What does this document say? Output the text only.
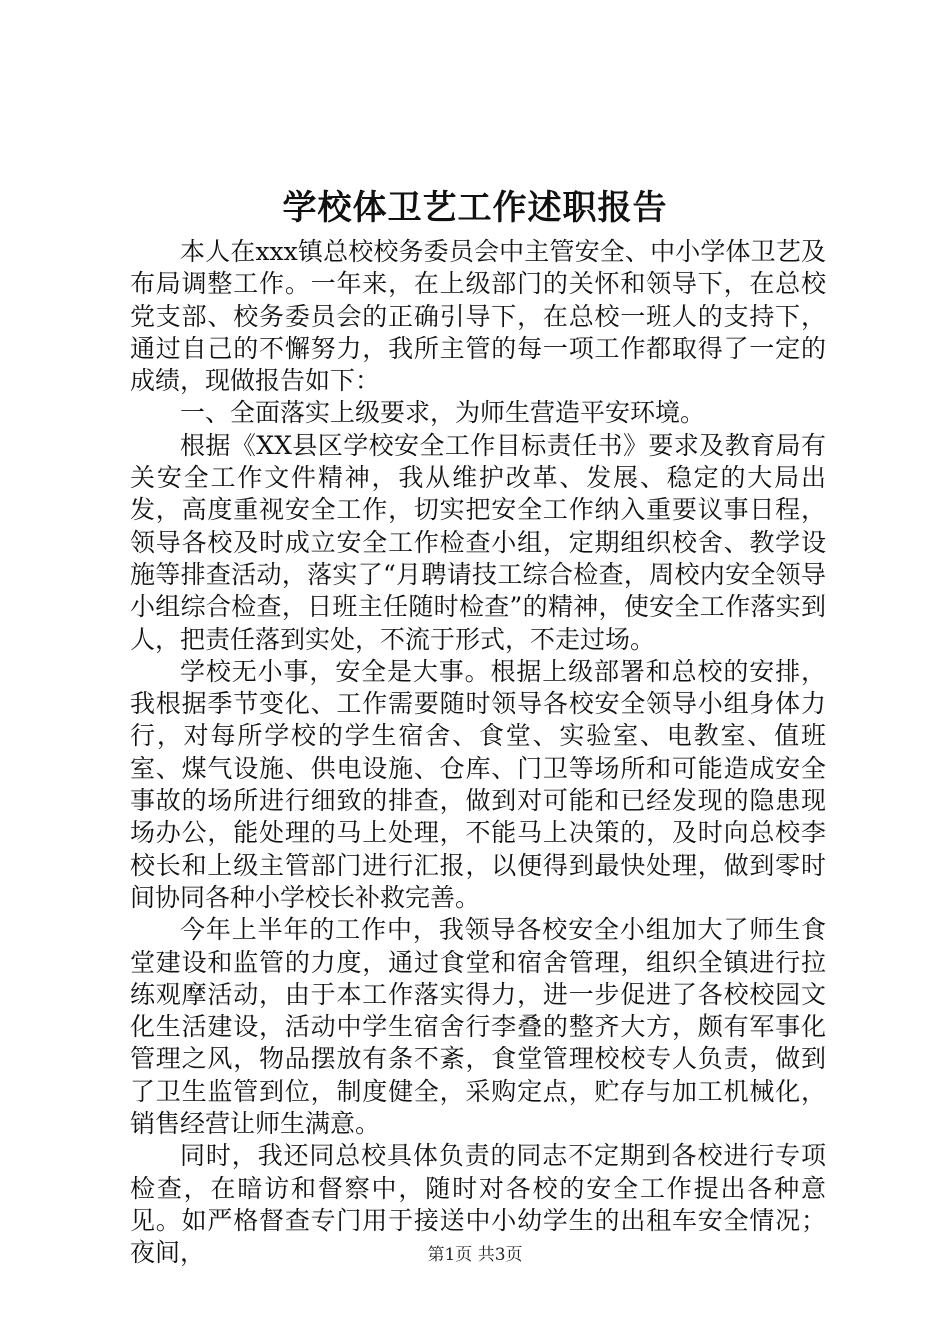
学校体卫艺工作述职报告

本人在xxx镇总校校务委员会中主管安全、中小学体卫艺及布局调整工作。一年来，在上级部门的关怀和领导下，在总校党支部、校务委员会的正确引导下，在总校一班人的支持下，通过自己的不懈努力，我所主管的每一项工作都取得了一定的成绩，现做报告如下：

一、全面落实上级要求，为师生营造平安环境。

根据《XX县区学校安全工作目标责任书》要求及教育局有关安全工作文件精神，我从维护改革、发展、稳定的大局出发，高度重视安全工作，切实把安全工作纳入重要议事日程，领导各校及时成立安全工作检查小组，定期组织校舍、教学设施等排查活动，落实了“月聘请技工综合检查，周校内安全领导小组综合检查，日班主任随时检查”的精神，使安全工作落实到人，把责任落到实处，不流于形式，不走过场。

学校无小事，安全是大事。根据上级部署和总校的安排，我根据季节变化、工作需要随时领导各校安全领导小组身体力行，对每所学校的学生宿舍、食堂、实验室、电教室、值班室、煤气设施、供电设施、仓库、门卫等场所和可能造成安全事故的场所进行细致的排查，做到对可能和已经发现的隐患现场办公，能处理的马上处理，不能马上决策的，及时向总校李校长和上级主管部门进行汇报，以便得到最快处理，做到零时间协同各种小学校长补救完善。

今年上半年的工作中，我领导各校安全小组加大了师生食堂建设和监管的力度，通过食堂和宿舍管理，组织全镇进行拉练观摩活动，由于本工作落实得力，进一步促进了各校校园文化生活建设，活动中学生宿舍行李叠的整齐大方，颇有军事化管理之风，物品摆放有条不紊，食堂管理校校专人负责，做到了卫生监管到位，制度健全，采购定点，贮存与加工机械化，销售经营让师生满意。

同时，我还同总校具体负责的同志不定期到各校进行专项检查，在暗访和督察中，随时对各校的安全工作提出各种意见。如严格督查专门用于接送中小幼学生的出租车安全情况；夜间，	第1页 共3页
